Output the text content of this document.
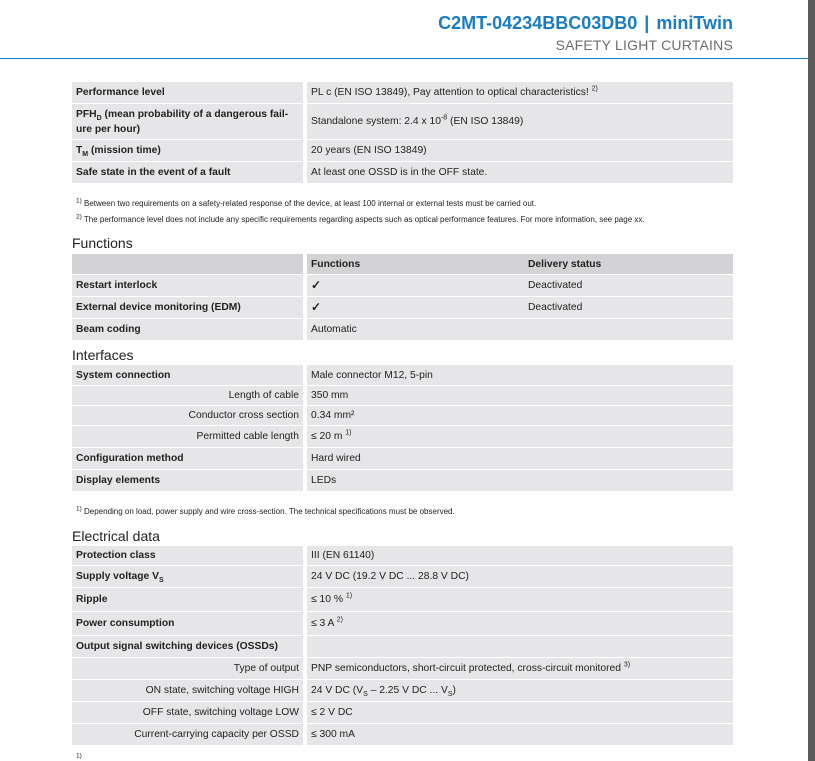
C2MT-04234BBC03DB0 | miniTwin
SAFETY LIGHT CURTAINS
Performance level	PL c (EN ISO 13849), Pay attention to optical characteristics! $^{2)}$
$PFH_D$ (mean probability of a dangerous fail-ure per hour)	Standalone system: 2.4 x $10^{-8}$ (EN ISO 13849)
$T_M$ (mission time)	20 years (EN ISO 13849)
Safe state in the event of a fault	At least one OSSD is in the OFF state.
$^{1)}$ Between two requirements on a safety-related response of the device, at least 100 internal or external tests must be carried out.
$^{2)}$ The performance level does not include any specific requirements regarding aspects such as optical performance features. For more information, see page xx.
Functions
	Functions	Delivery status
Restart interlock	✓	Deactivated
External device monitoring (EDM)	✓	Deactivated
Beam coding	Automatic	
Interfaces
System connection	Male connector M12, 5-pin
Length of cable	350 mm
Conductor cross section	0.34 mm²
Permitted cable length	≤ 20 m $^{1)}$
Configuration method	Hard wired
Display elements	LEDs
$^{1)}$ Depending on load, power supply and wire cross-section. The technical specifications must be observed.
Electrical data
Protection class	III (EN 61140)
Supply voltage $V_S$	24 V DC (19.2 V DC ... 28.8 V DC)
Ripple	≤ 10 % $^{1)}$
Power consumption	≤ 3 A $^{2)}$
Output signal switching devices (OSSDs)	
Type of output	PNP semiconductors, short-circuit protected, cross-circuit monitored $^{3)}$
ON state, switching voltage HIGH	24 V DC ($V_S - 2.25$ V DC ... $V_S$)
OFF state, switching voltage LOW	≤ 2 V DC
Current-carrying capacity per OSSD	≤ 300 mA
$^{1)}$
